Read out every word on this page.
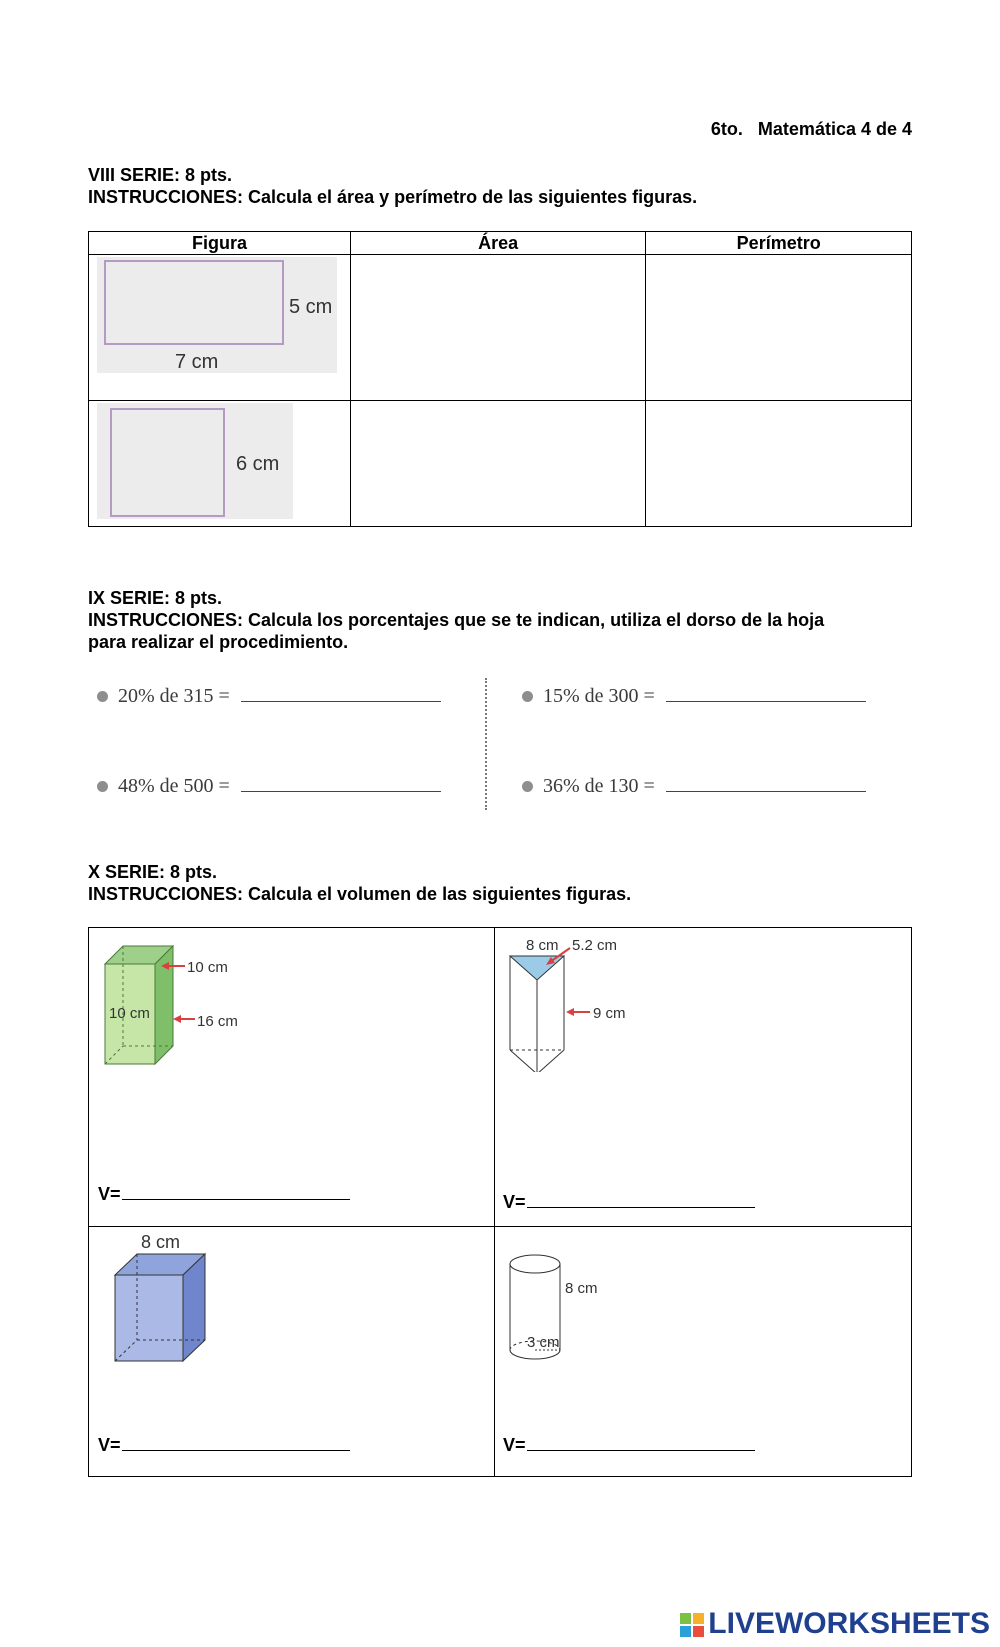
6to.   Matemática 4 de 4
VIII SERIE: 8 pts.
INSTRUCCIONES: Calcula el área y perímetro de las siguientes figuras.
Figura	Área	Perímetro

5 cm
7 cm		

6 cm		

IX SERIE: 8 pts.
INSTRUCCIONES: Calcula los porcentajes que se te indican, utiliza el dorso de la hoja
para realizar el procedimiento.
20% de 315 =	15% de 300 =
48% de 500 =	36% de 130 =
X SERIE: 8 pts.
INSTRUCCIONES: Calcula el volumen de las siguientes figuras.
10 cm
10 cm	16 cm
V=
8 cm 5.2 cm
9 cm
V=
8 cm
V=
8 cm
3 cm
V=
LIVEWORKSHEETS
